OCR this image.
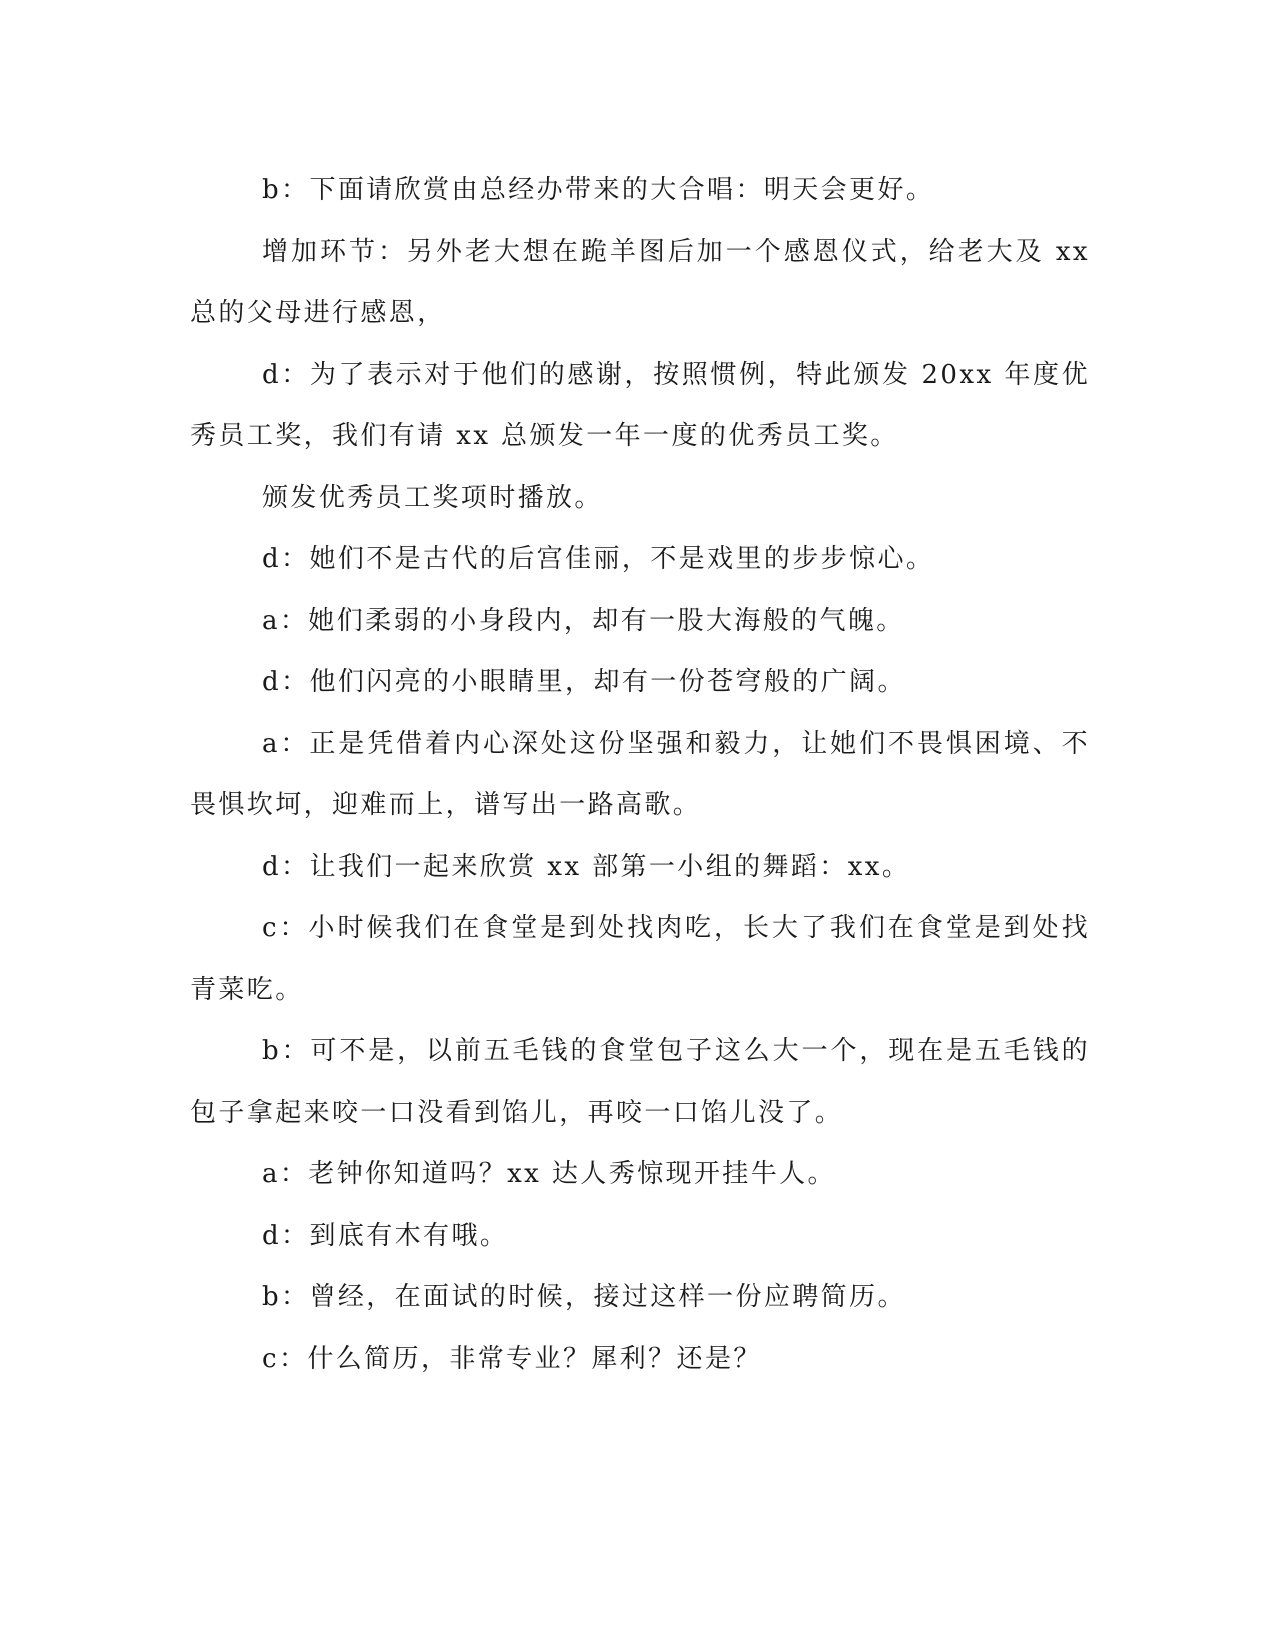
b：下面请欣赏由总经办带来的大合唱：明天会更好。

增加环节：另外老大想在跪羊图后加一个感恩仪式，给老大及 xx 总的父母进行感恩，

d：为了表示对于他们的感谢，按照惯例，特此颁发 20xx 年度优秀员工奖，我们有请 xx 总颁发一年一度的优秀员工奖。

颁发优秀员工奖项时播放。

d：她们不是古代的后宫佳丽，不是戏里的步步惊心。

a：她们柔弱的小身段内，却有一股大海般的气魄。

d：他们闪亮的小眼睛里，却有一份苍穹般的广阔。

a：正是凭借着内心深处这份坚强和毅力，让她们不畏惧困境、不畏惧坎坷，迎难而上，谱写出一路高歌。

d：让我们一起来欣赏 xx 部第一小组的舞蹈：xx。

c：小时候我们在食堂是到处找肉吃，长大了我们在食堂是到处找青菜吃。

b：可不是，以前五毛钱的食堂包子这么大一个，现在是五毛钱的包子拿起来咬一口没看到馅儿，再咬一口馅儿没了。

a：老钟你知道吗？xx 达人秀惊现开挂牛人。

d：到底有木有哦。

b：曾经，在面试的时候，接过这样一份应聘简历。

c：什么简历，非常专业？犀利？还是？
